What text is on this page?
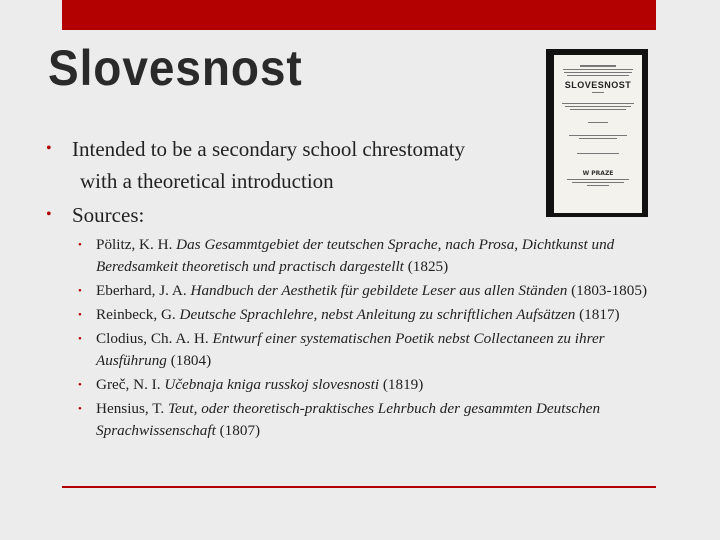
Slovesnost	SLOVESNOST
W PRAZE
• Intended to be a secondary school chrestomaty
with a theoretical introduction
• Sources:
• Pölitz, K. H. Das Gesammtgebiet der teutschen Sprache, nach Prosa, Dichtkunst und Beredsamkeit theoretisch und practisch dargestellt (1825)
• Eberhard, J. A. Handbuch der Aesthetik für gebildete Leser aus allen Ständen (1803-1805)
• Reinbeck, G. Deutsche Sprachlehre, nebst Anleitung zu schriftlichen Aufsätzen (1817)
• Clodius, Ch. A. H. Entwurf einer systematischen Poetik nebst Collectaneen zu ihrer Ausführung (1804)
• Greč, N. I. Učebnaja kniga russkoj slovesnosti (1819)
• Hensius, T. Teut, oder theoretisch-praktisches Lehrbuch der gesammten Deutschen Sprachwissenschaft (1807)
